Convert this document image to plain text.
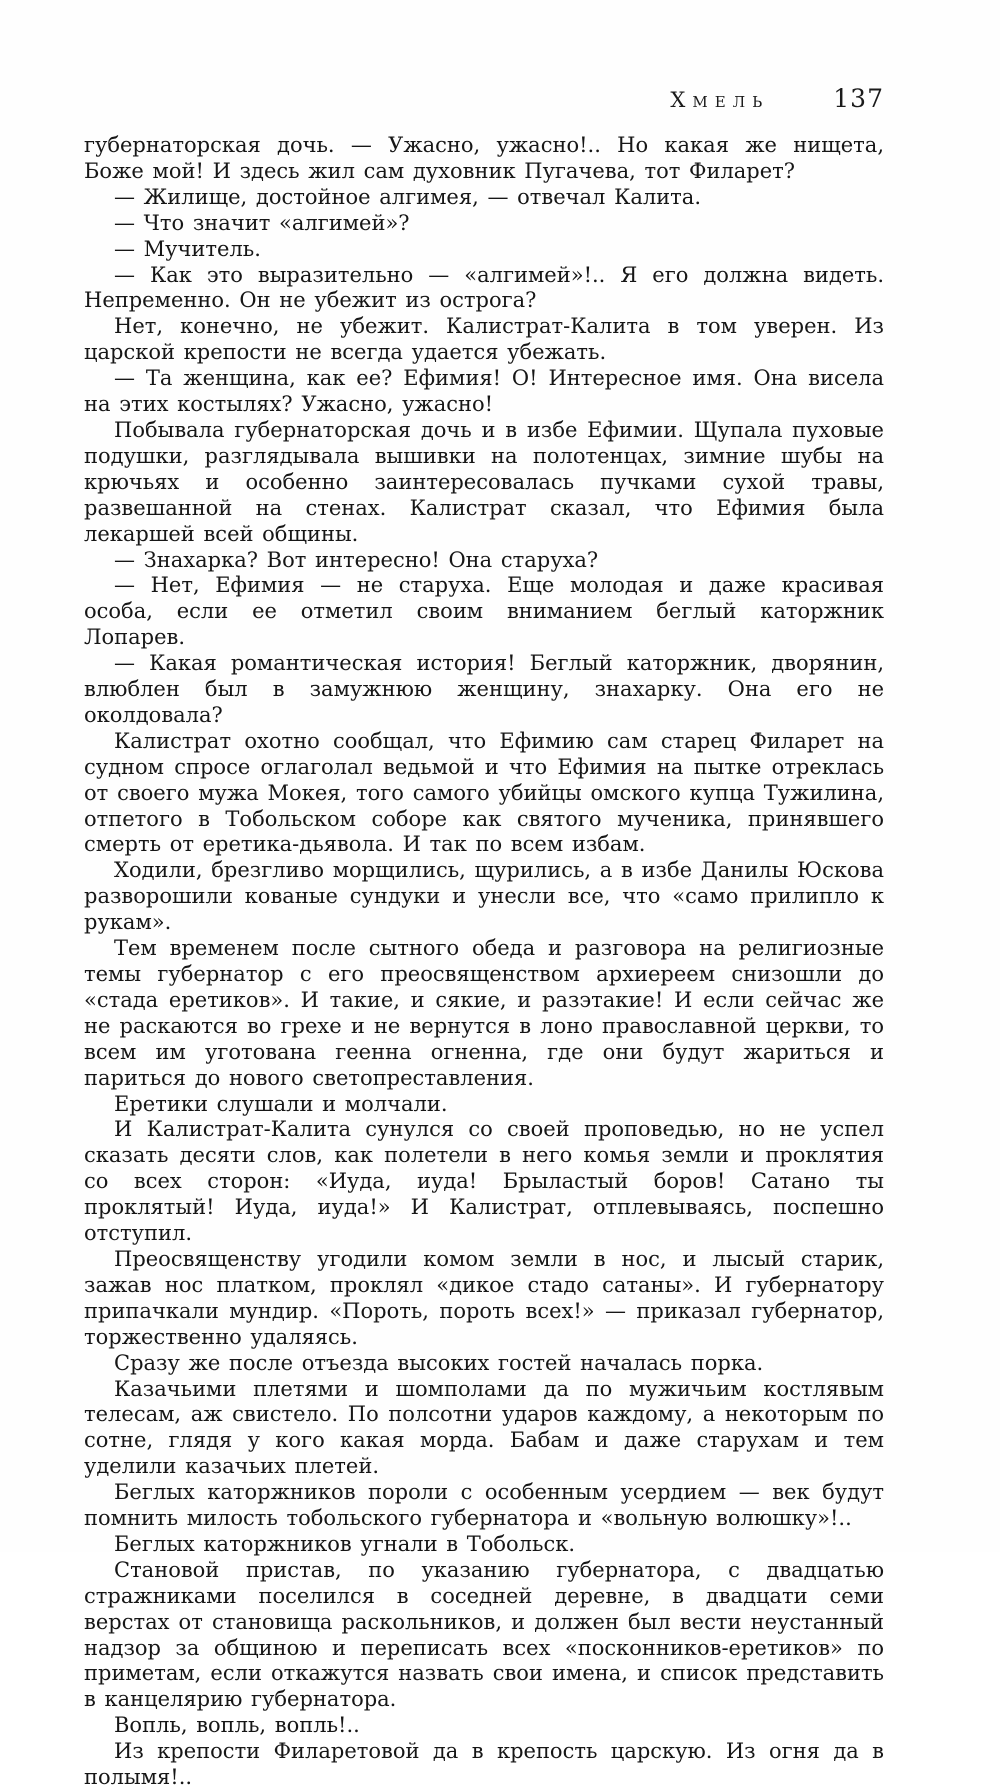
Хмель	137

губернаторская дочь. — Ужасно, ужасно!.. Но какая же нищета, Боже мой! И здесь жил сам духовник Пугачева, тот Филарет?

— Жилище, достойное алгимея, — отвечал Калита.

— Что значит «алгимей»?

— Мучитель.

— Как это выразительно — «алгимей»!.. Я его должна видеть. Непременно. Он не убежит из острога?

Нет, конечно, не убежит. Калистрат-Калита в том уверен. Из царской крепости не всегда удается убежать.

— Та женщина, как ее? Ефимия! О! Интересное имя. Она висела на этих костылях? Ужасно, ужасно!

Побывала губернаторская дочь и в избе Ефимии. Щупала пуховые подушки, разглядывала вышивки на полотенцах, зимние шубы на крючьях и особенно заинтересовалась пучками сухой травы, развешанной на стенах. Калистрат сказал, что Ефимия была лекаршей всей общины.

— Знахарка? Вот интересно! Она старуха?

— Нет, Ефимия — не старуха. Еще молодая и даже красивая особа, если ее отметил своим вниманием беглый каторжник Лопарев.

— Какая романтическая история! Беглый каторжник, дворянин, влюблен был в замужнюю женщину, знахарку. Она его не околдовала?

Калистрат охотно сообщал, что Ефимию сам старец Филарет на судном спросе оглаголал ведьмой и что Ефимия на пытке отреклась от своего мужа Мокея, того самого убийцы омского купца Тужилина, отпетого в Тобольском соборе как святого мученика, принявшего смерть от еретика-дьявола. И так по всем избам.

Ходили, брезгливо морщились, щурились, а в избе Данилы Юскова разворошили кованые сундуки и унесли все, что «само прилипло к рукам».

Тем временем после сытного обеда и разговора на религиозные темы губернатор с его преосвященством архиереем снизошли до «стада еретиков». И такие, и сякие, и разэтакие! И если сейчас же не раскаются во грехе и не вернутся в лоно православной церкви, то всем им уготована геенна огненна, где они будут жариться и париться до нового светопреставления.

Еретики слушали и молчали.

И Калистрат-Калита сунулся со своей проповедью, но не успел сказать десяти слов, как полетели в него комья земли и проклятия со всех сторон: «Иуда, иуда! Брыластый боров! Сатано ты проклятый! Иуда, иуда!» И Калистрат, отплевываясь, поспешно отступил.

Преосвященству угодили комом земли в нос, и лысый старик, зажав нос платком, проклял «дикое стадо сатаны». И губернатору припачкали мундир. «Пороть, пороть всех!» — приказал губернатор, торжественно удаляясь.

Сразу же после отъезда высоких гостей началась порка.

Казачьими плетями и шомполами да по мужичьим костлявым телесам, аж свистело. По полсотни ударов каждому, а некоторым по сотне, глядя у кого какая морда. Бабам и даже старухам и тем уделили казачьих плетей.

Беглых каторжников пороли с особенным усердием — век будут помнить милость тобольского губернатора и «вольную волюшку»!..

Беглых каторжников угнали в Тобольск.

Становой пристав, по указанию губернатора, с двадцатью стражниками поселился в соседней деревне, в двадцати семи верстах от становища раскольников, и должен был вести неустанный надзор за общиною и переписать всех «посконников-еретиков» по приметам, если откажутся назвать свои имена, и список представить в канцелярию губернатора.

Вопль, вопль, вопль!..

Из крепости Филаретовой да в крепость царскую. Из огня да в полымя!..
